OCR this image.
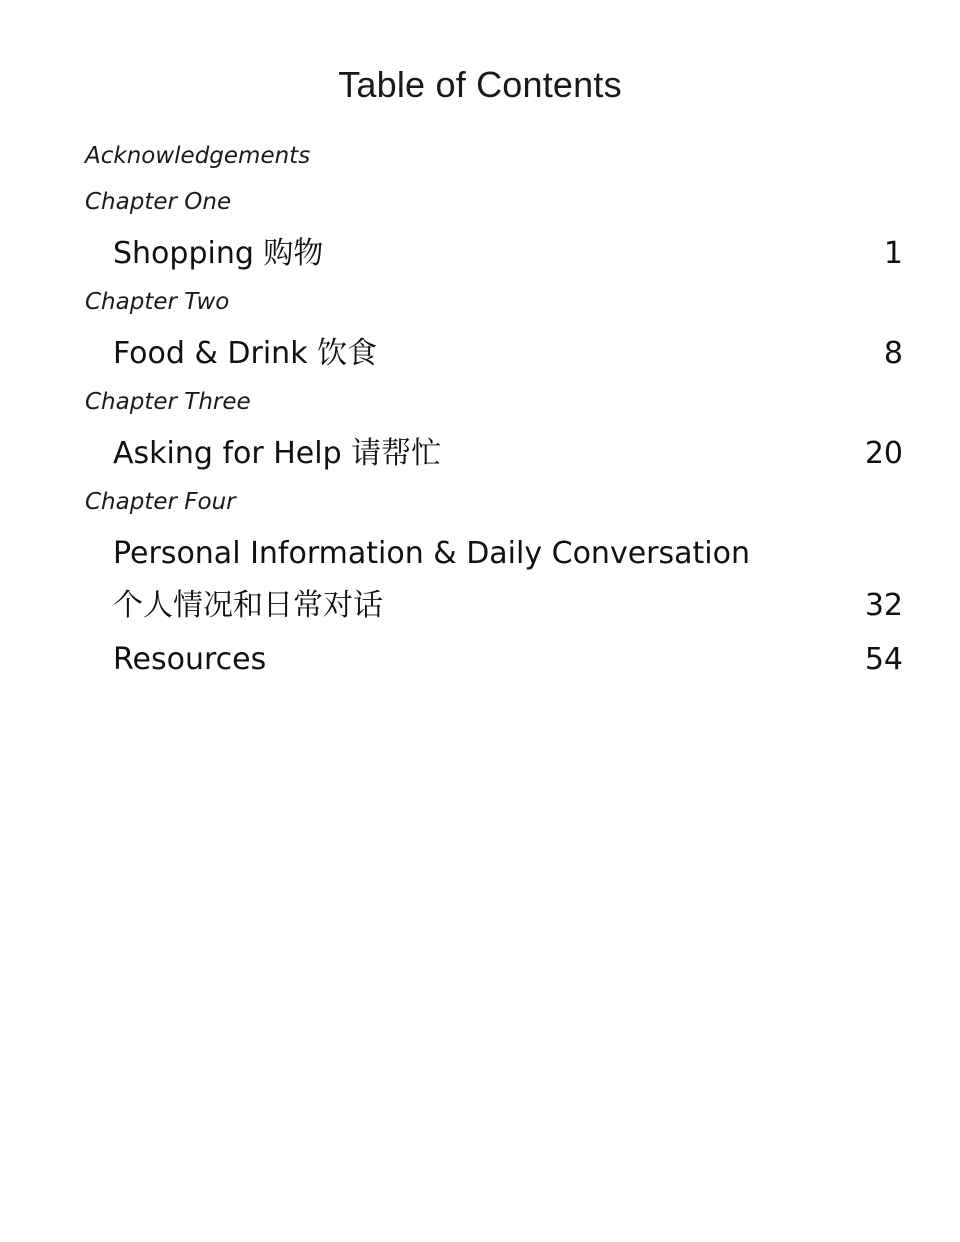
Table of Contents
Acknowledgements
Chapter One
Shopping 购物	1
Chapter Two
Food & Drink 饮食	8
Chapter Three
Asking for Help 请帮忙	20
Chapter Four
Personal Information & Daily Conversation
个人情况和日常对话	32
Resources	54
